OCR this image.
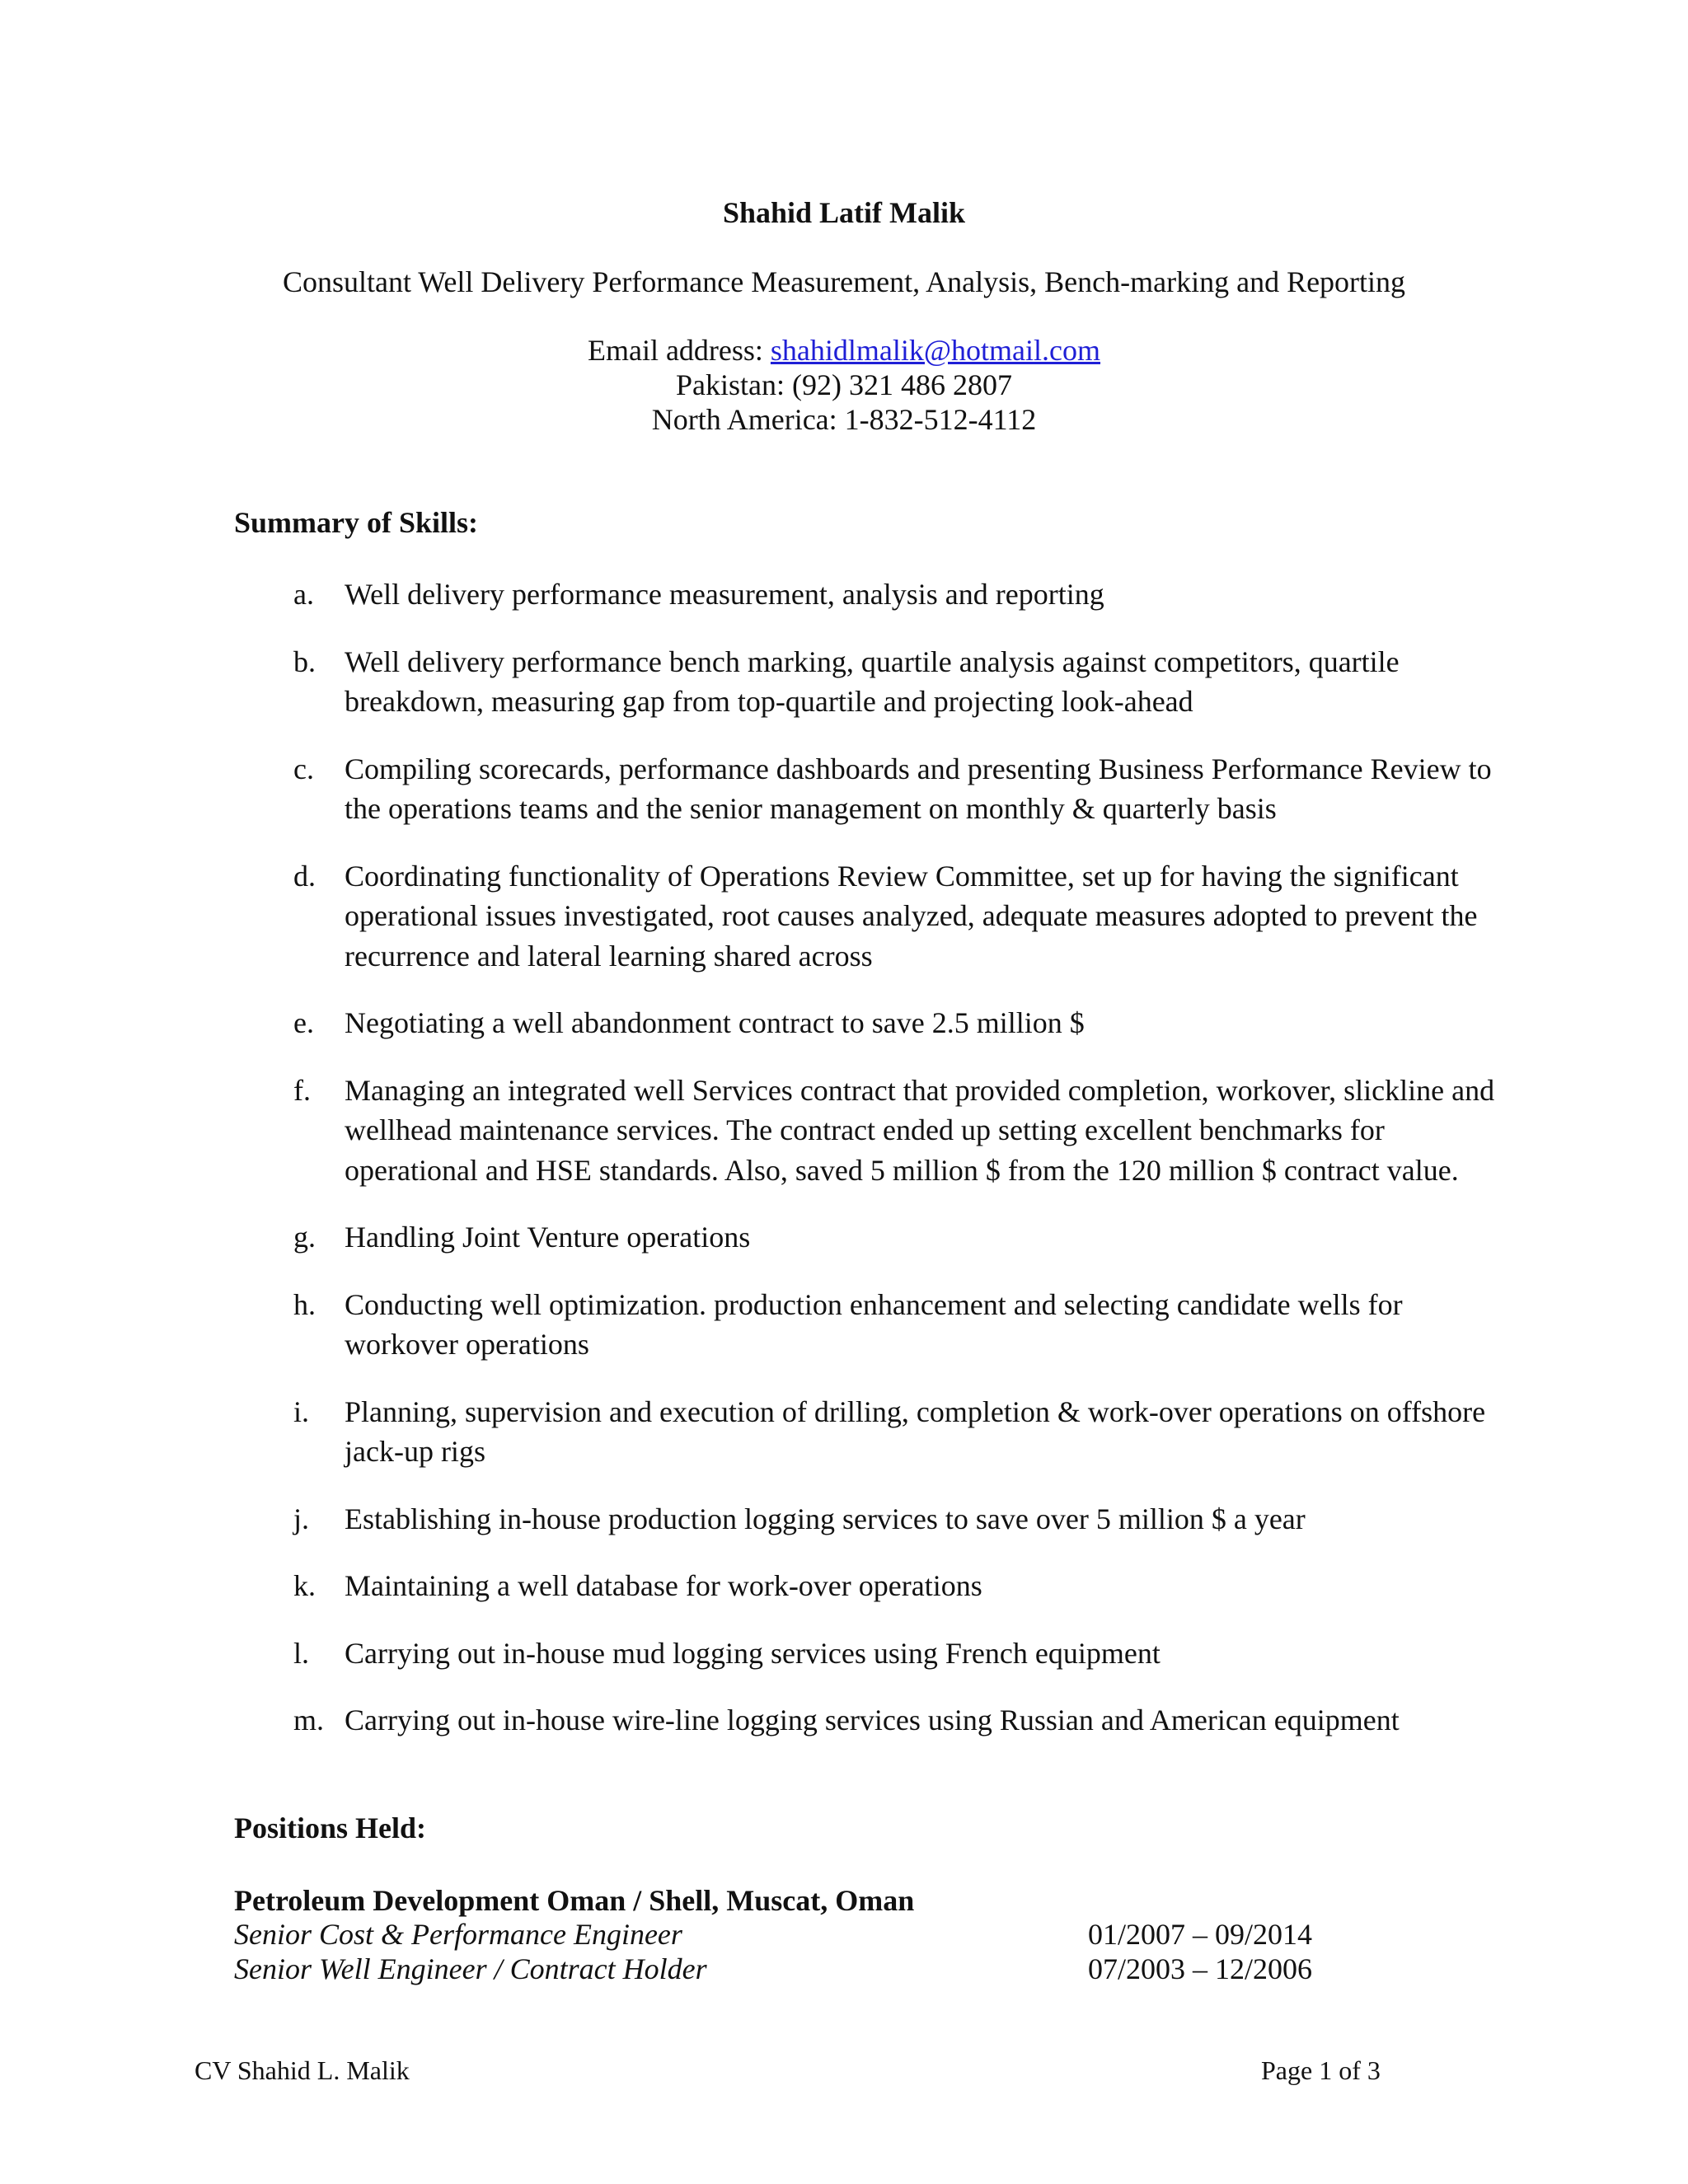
Shahid Latif Malik
Consultant Well Delivery Performance Measurement, Analysis, Bench-marking and Reporting
Email address: shahidlmalik@hotmail.com
Pakistan: (92) 321 486 2807
North America: 1-832-512-4112
Summary of Skills:
a. Well delivery performance measurement, analysis and reporting
b. Well delivery performance bench marking, quartile analysis against competitors, quartile breakdown, measuring gap from top-quartile and projecting look-ahead
c. Compiling scorecards, performance dashboards and presenting Business Performance Review to the operations teams and the senior management on monthly & quarterly basis
d. Coordinating functionality of Operations Review Committee, set up for having the significant operational issues investigated, root causes analyzed, adequate measures adopted to prevent the recurrence and lateral learning shared across
e. Negotiating a well abandonment contract to save 2.5 million $
f. Managing an integrated well Services contract that provided completion, workover, slickline and wellhead maintenance services. The contract ended up setting excellent benchmarks for operational and HSE standards. Also, saved 5 million $ from the 120 million $ contract value.
g. Handling Joint Venture operations
h. Conducting well optimization. production enhancement and selecting candidate wells for workover operations
i. Planning, supervision and execution of drilling, completion & work-over operations on offshore jack-up rigs
j. Establishing in-house production logging services to save over 5 million $ a year
k. Maintaining a well database for work-over operations
l. Carrying out in-house mud logging services using French equipment
m. Carrying out in-house wire-line logging services using Russian and American equipment
Positions Held:
Petroleum Development Oman / Shell, Muscat, Oman
Senior Cost & Performance Engineer	01/2007 – 09/2014
Senior Well Engineer / Contract Holder	07/2003 – 12/2006
CV Shahid L. Malik	Page 1 of 3
